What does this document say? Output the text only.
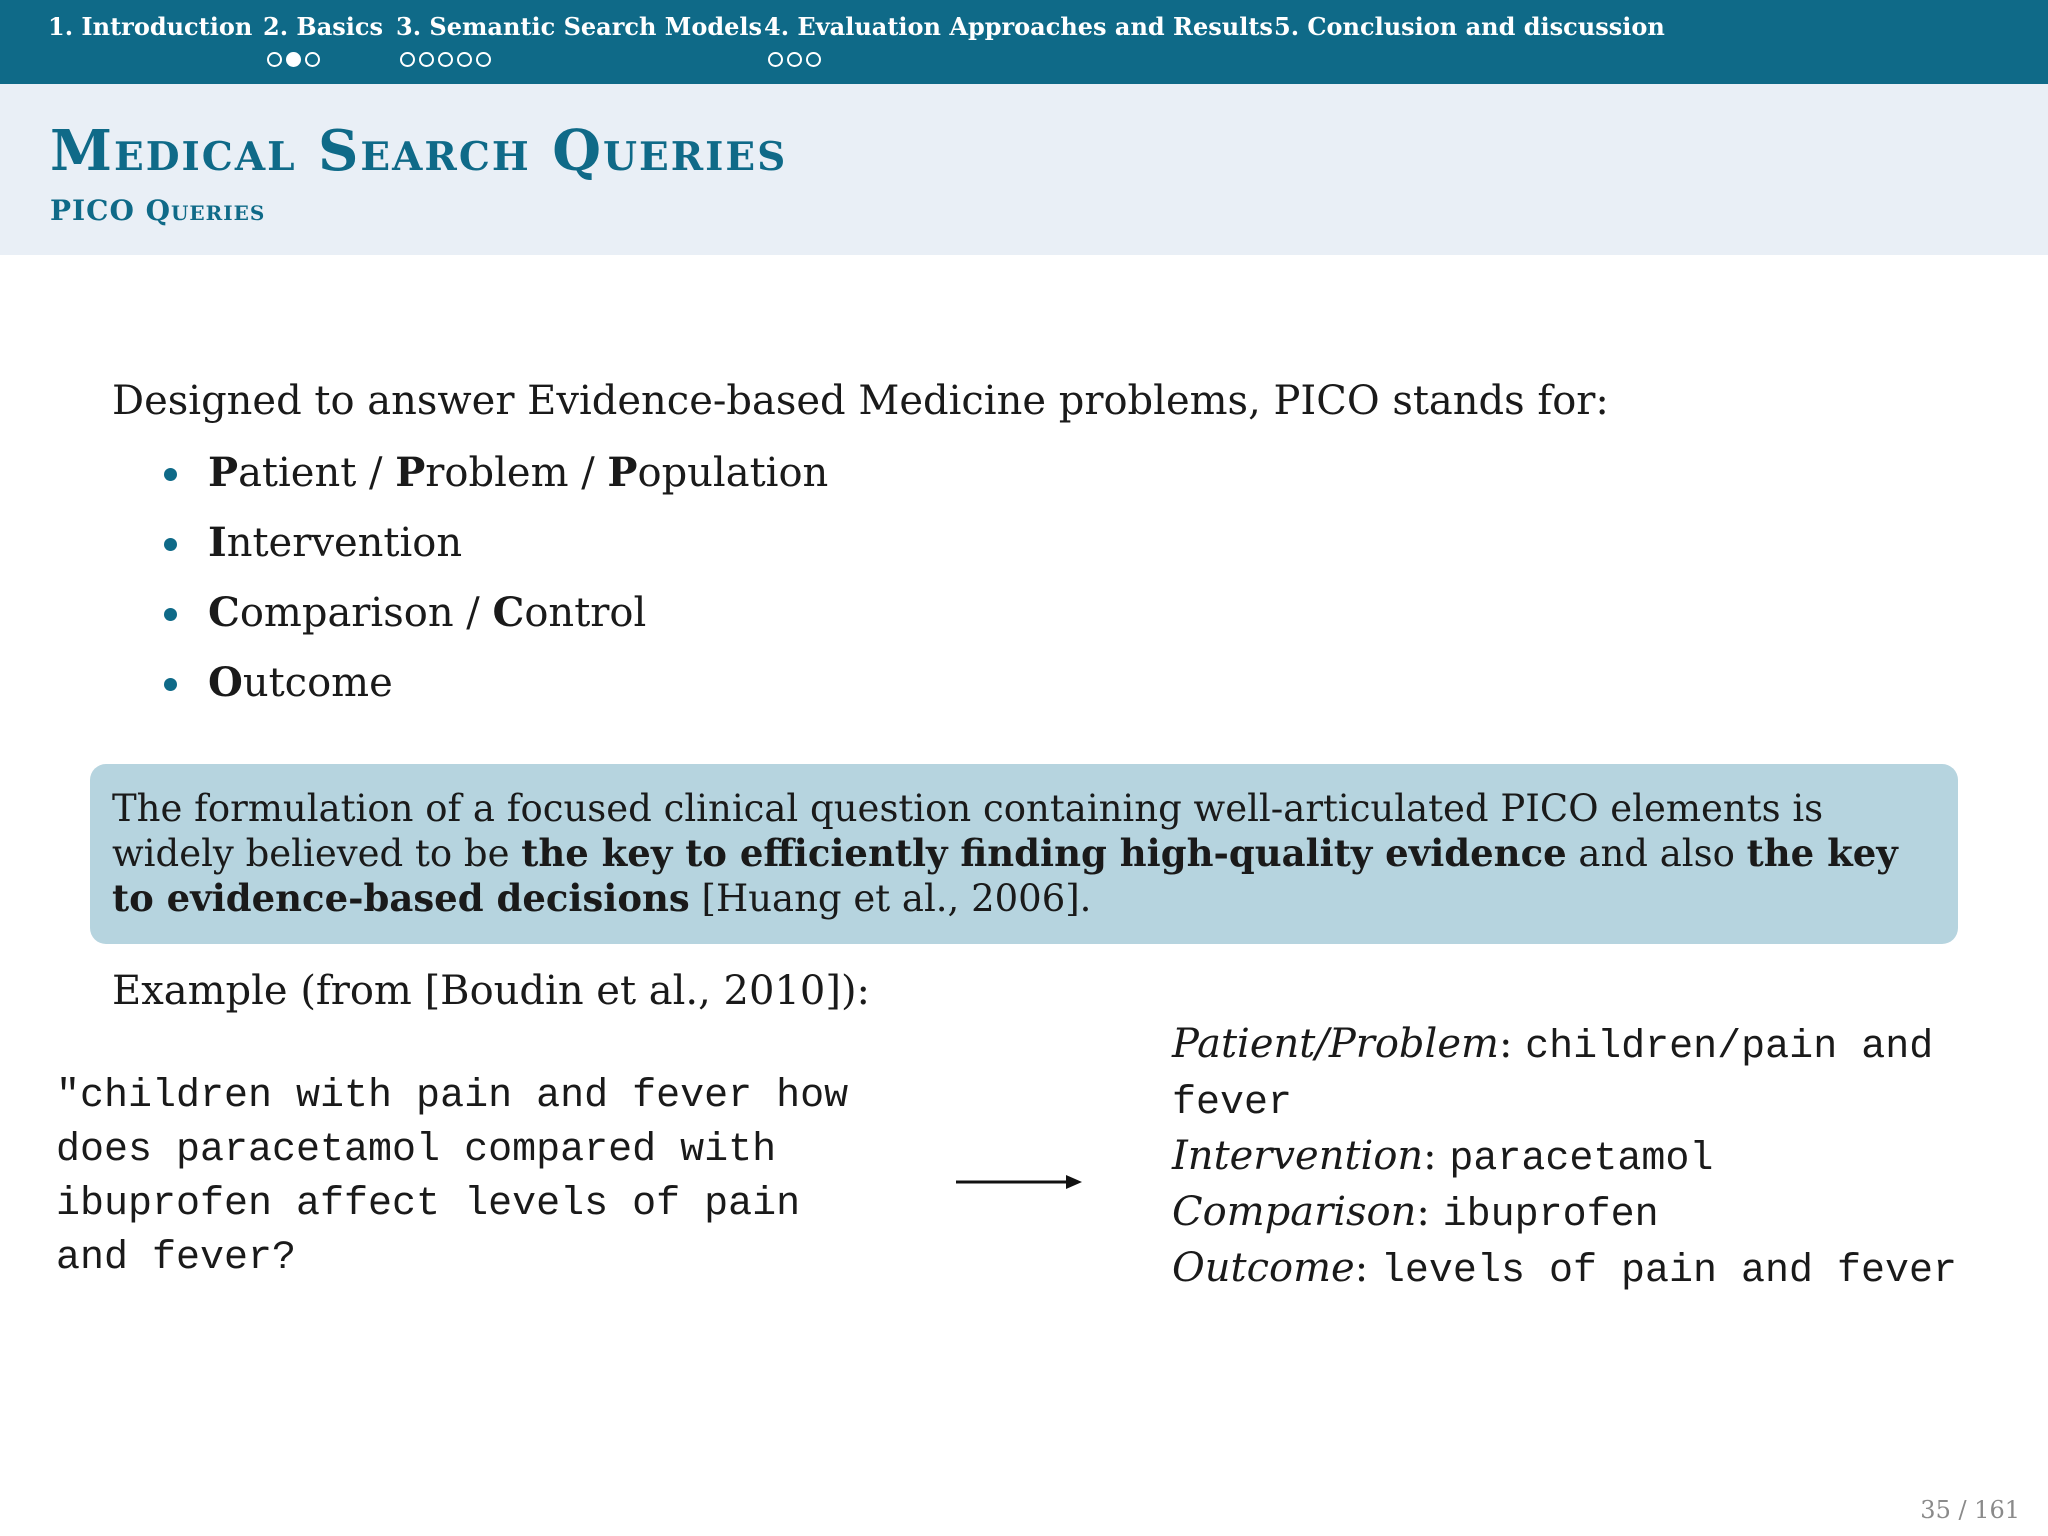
1. Introduction 2. Basics 3. Semantic Search Models 4. Evaluation Approaches and Results 5. Conclusion and discussion
Medical Search Queries
PICO Queries
Designed to answer Evidence-based Medicine problems, PICO stands for:
Patient / Problem / Population
Intervention
Comparison / Control
Outcome
The formulation of a focused clinical question containing well-articulated PICO elements is widely believed to be the key to efficiently finding high-quality evidence and also the key to evidence-based decisions [Huang et al., 2006].
Example (from [Boudin et al., 2010]):
"children with pain and fever how does paracetamol compared with ibuprofen affect levels of pain and fever?
Patient/Problem: children/pain and fever
Intervention: paracetamol
Comparison: ibuprofen
Outcome: levels of pain and fever
35 / 161
